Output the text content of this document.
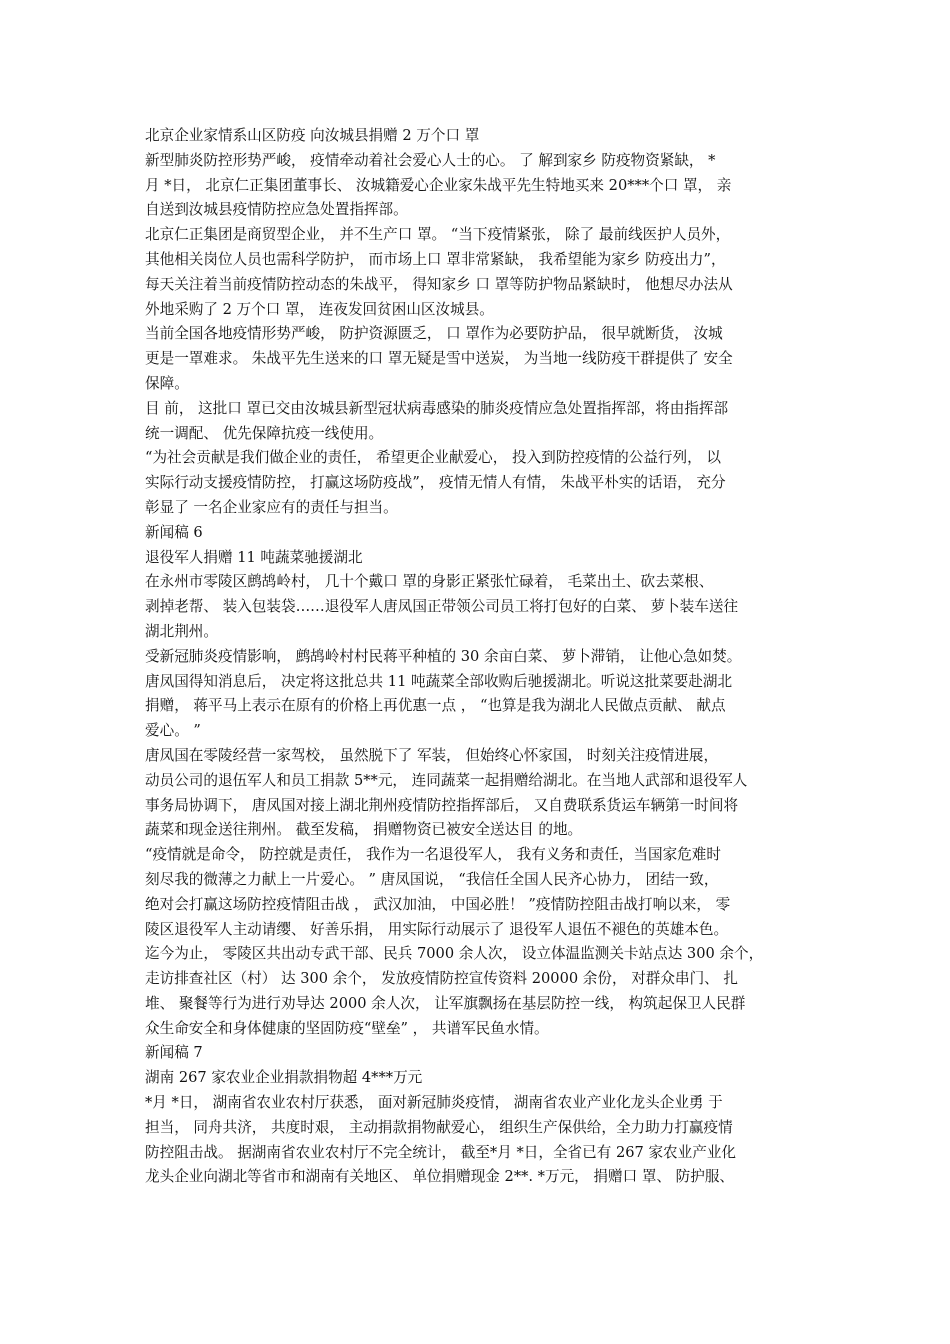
北京企业家情系山区防疫 向汝城县捐赠 2 万个口 罩
新型肺炎防控形势严峻， 疫情牵动着社会爱心人士的心。 了 解到家乡 防疫物资紧缺， *
月 *日， 北京仁正集团董事长、 汝城籍爱心企业家朱战平先生特地买来 20***个口 罩， 亲
自送到汝城县疫情防控应急处置指挥部。
北京仁正集团是商贸型企业， 并不生产口 罩。 “当下疫情紧张， 除了 最前线医护人员外，
其他相关岗位人员也需科学防护， 而市场上口 罩非常紧缺， 我希望能为家乡 防疫出力”，
每天关注着当前疫情防控动态的朱战平， 得知家乡 口 罩等防护物品紧缺时， 他想尽办法从
外地采购了 2 万个口 罩， 连夜发回贫困山区汝城县。
当前全国各地疫情形势严峻， 防护资源匮乏， 口 罩作为必要防护品， 很早就断货， 汝城
更是一罩难求。 朱战平先生送来的口 罩无疑是雪中送炭， 为当地一线防疫干群提供了 安全
保障。
目 前， 这批口 罩已交由汝城县新型冠状病毒感染的肺炎疫情应急处置指挥部，将由指挥部
统一调配、 优先保障抗疫一线使用。
“为社会贡献是我们做企业的责任， 希望更企业献爱心， 投入到防控疫情的公益行列， 以
实际行动支援疫情防控， 打赢这场防疫战”， 疫情无情人有情， 朱战平朴实的话语， 充分
彰显了 一名企业家应有的责任与担当。
新闻稿 6
退役军人捐赠 11 吨蔬菜驰援湖北
在永州市零陵区鹧鸪岭村， 几十个戴口 罩的身影正紧张忙碌着， 毛菜出土、砍去菜根、
剥掉老帮、 装入包装袋……退役军人唐凤国正带领公司员工将打包好的白菜、 萝卜装车送往
湖北荆州。
受新冠肺炎疫情影响， 鹧鸪岭村村民蒋平种植的 30 余亩白菜、 萝卜滞销， 让他心急如焚。
唐凤国得知消息后， 决定将这批总共 11 吨蔬菜全部收购后驰援湖北。听说这批菜要赴湖北
捐赠， 蒋平马上表示在原有的价格上再优惠一点 ， “也算是我为湖北人民做点贡献、 献点
爱心。 ”
唐凤国在零陵经营一家驾校， 虽然脱下了 军装， 但始终心怀家国， 时刻关注疫情进展，
动员公司的退伍军人和员工捐款 5**元， 连同蔬菜一起捐赠给湖北。在当地人武部和退役军人
事务局协调下， 唐凤国对接上湖北荆州疫情防控指挥部后， 又自费联系货运车辆第一时间将
蔬菜和现金送往荆州。 截至发稿， 捐赠物资已被安全送达目 的地。
“疫情就是命令， 防控就是责任， 我作为一名退役军人， 我有义务和责任，当国家危难时
刻尽我的微薄之力献上一片爱心。 ” 唐凤国说， “我信任全国人民齐心协力， 团结一致，
绝对会打赢这场防控疫情阻击战 ， 武汉加油， 中国必胜！ ”疫情防控阻击战打响以来， 零
陵区退役军人主动请缨、 好善乐捐， 用实际行动展示了 退役军人退伍不褪色的英雄本色。
迄今为止， 零陵区共出动专武干部、民兵 7000 余人次， 设立体温监测关卡站点达 300 余个，
走访排查社区（村） 达 300 余个， 发放疫情防控宣传资料 20000 余份， 对群众串门、 扎
堆、 聚餐等行为进行劝导达 2000 余人次， 让军旗飘扬在基层防控一线， 构筑起保卫人民群
众生命安全和身体健康的坚固防疫“壁垒” ， 共谱军民鱼水情。
新闻稿 7
湖南 267 家农业企业捐款捐物超 4***万元
*月 *日， 湖南省农业农村厅获悉， 面对新冠肺炎疫情， 湖南省农业产业化龙头企业勇 于
担当， 同舟共济， 共度时艰， 主动捐款捐物献爱心， 组织生产保供给，全力助力打赢疫情
防控阻击战。 据湖南省农业农村厅不完全统计， 截至*月 *日，全省已有 267 家农业产业化
龙头企业向湖北等省市和湖南有关地区、 单位捐赠现金 2**. *万元， 捐赠口 罩、 防护服、
